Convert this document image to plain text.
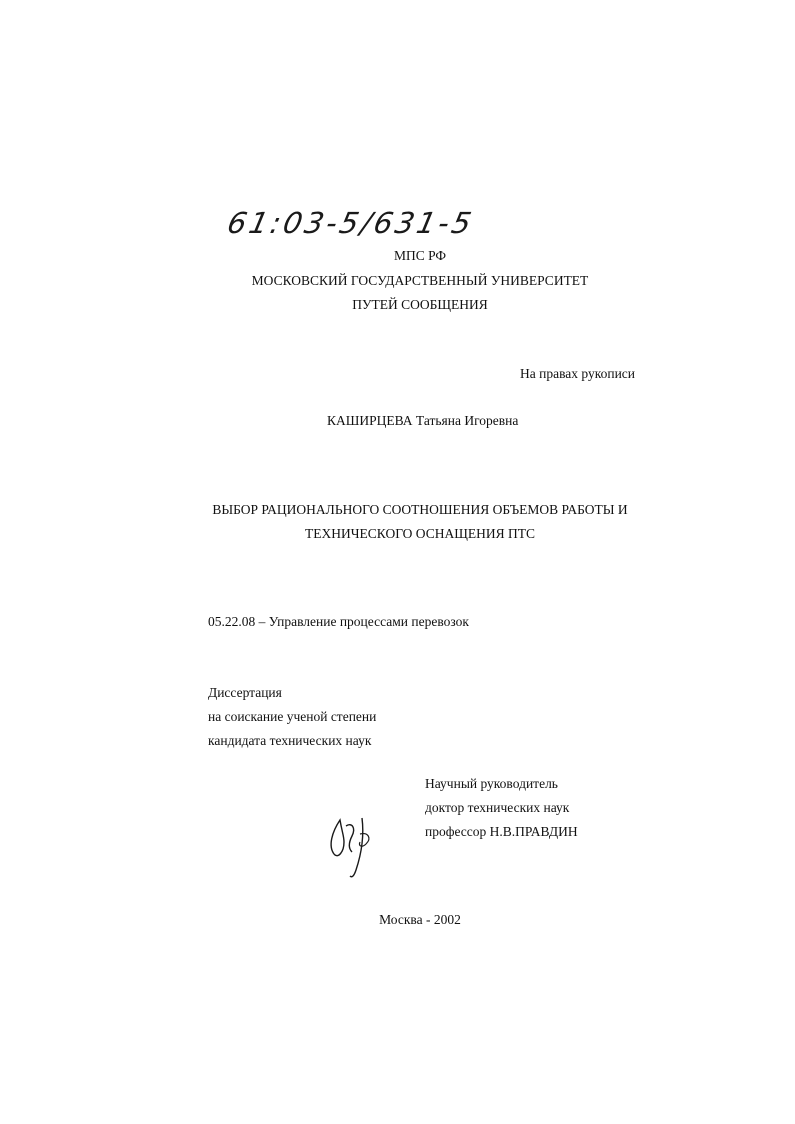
61:03-5/631-5
МПС РФ
МОСКОВСКИЙ ГОСУДАРСТВЕННЫЙ УНИВЕРСИТЕТ
ПУТЕЙ СООБЩЕНИЯ
На правах рукописи
КАШИРЦЕВА Татьяна Игоревна
ВЫБОР РАЦИОНАЛЬНОГО СООТНОШЕНИЯ ОБЪЕМОВ РАБОТЫ И
ТЕХНИЧЕСКОГО ОСНАЩЕНИЯ ПТС
05.22.08 – Управление процессами перевозок
Диссертация
на соискание ученой степени
кандидата технических наук
Научный руководитель
доктор технических наук
профессор Н.В.ПРАВДИН
Москва - 2002
